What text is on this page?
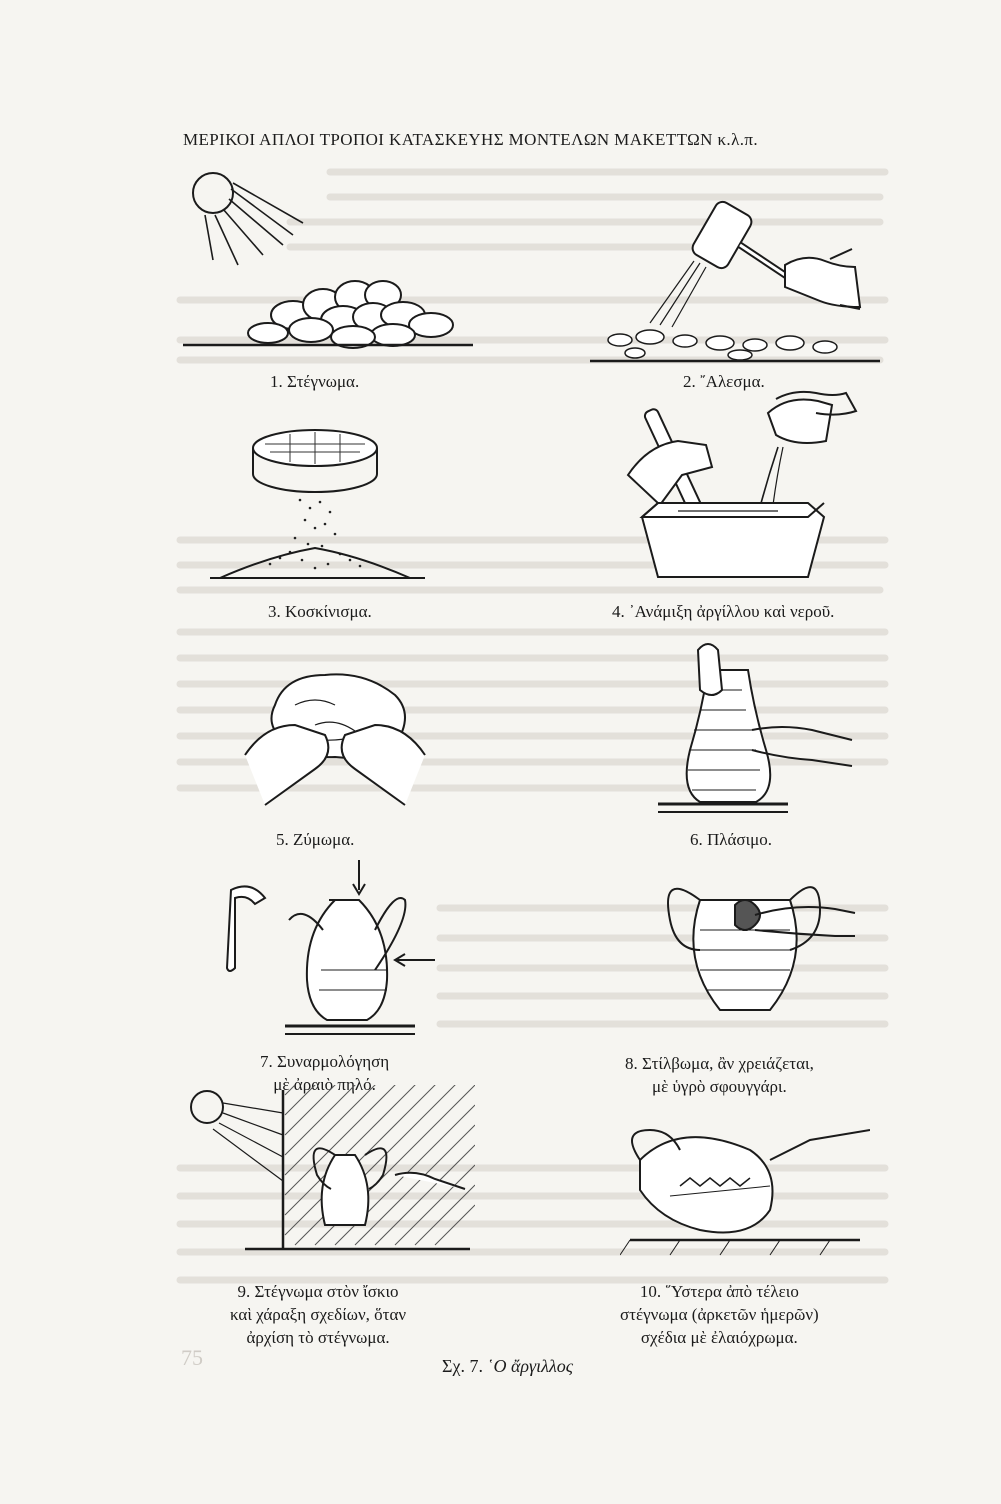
ΜΕΡΙΚΟΙ ΑΠΛΟΙ ΤΡΟΠΟΙ ΚΑΤΑΣΚΕΥΗΣ ΜΟΝΤΕΛΩΝ ΜΑΚΕΤΤΩΝ κ.λ.π.
1. Στέγνωμα.	2. ῎Αλεσμα.
3. Κοσκίνισμα.	4. ᾿Ανάμιξη ἀργίλλου καὶ νεροῦ.
5. Ζύμωμα.	6. Πλάσιμο.
7. Συναρμολόγηση
μὲ ἀραιὸ πηλό.
8. Στίλβωμα, ἂν χρειάζεται,
μὲ ὑγρὸ σφουγγάρι.
9. Στέγνωμα στὸν ἴσκιο
καὶ χάραξη σχεδίων, ὅταν
ἀρχίση τὸ στέγνωμα.
10. ῞Υστερα ἀπὸ τέλειο
στέγνωμα (ἀρκετῶν ἡμερῶν)
σχέδια μὲ ἐλαιόχρωμα.
Σχ. 7. ῾Ο ἄργιλλος
75
